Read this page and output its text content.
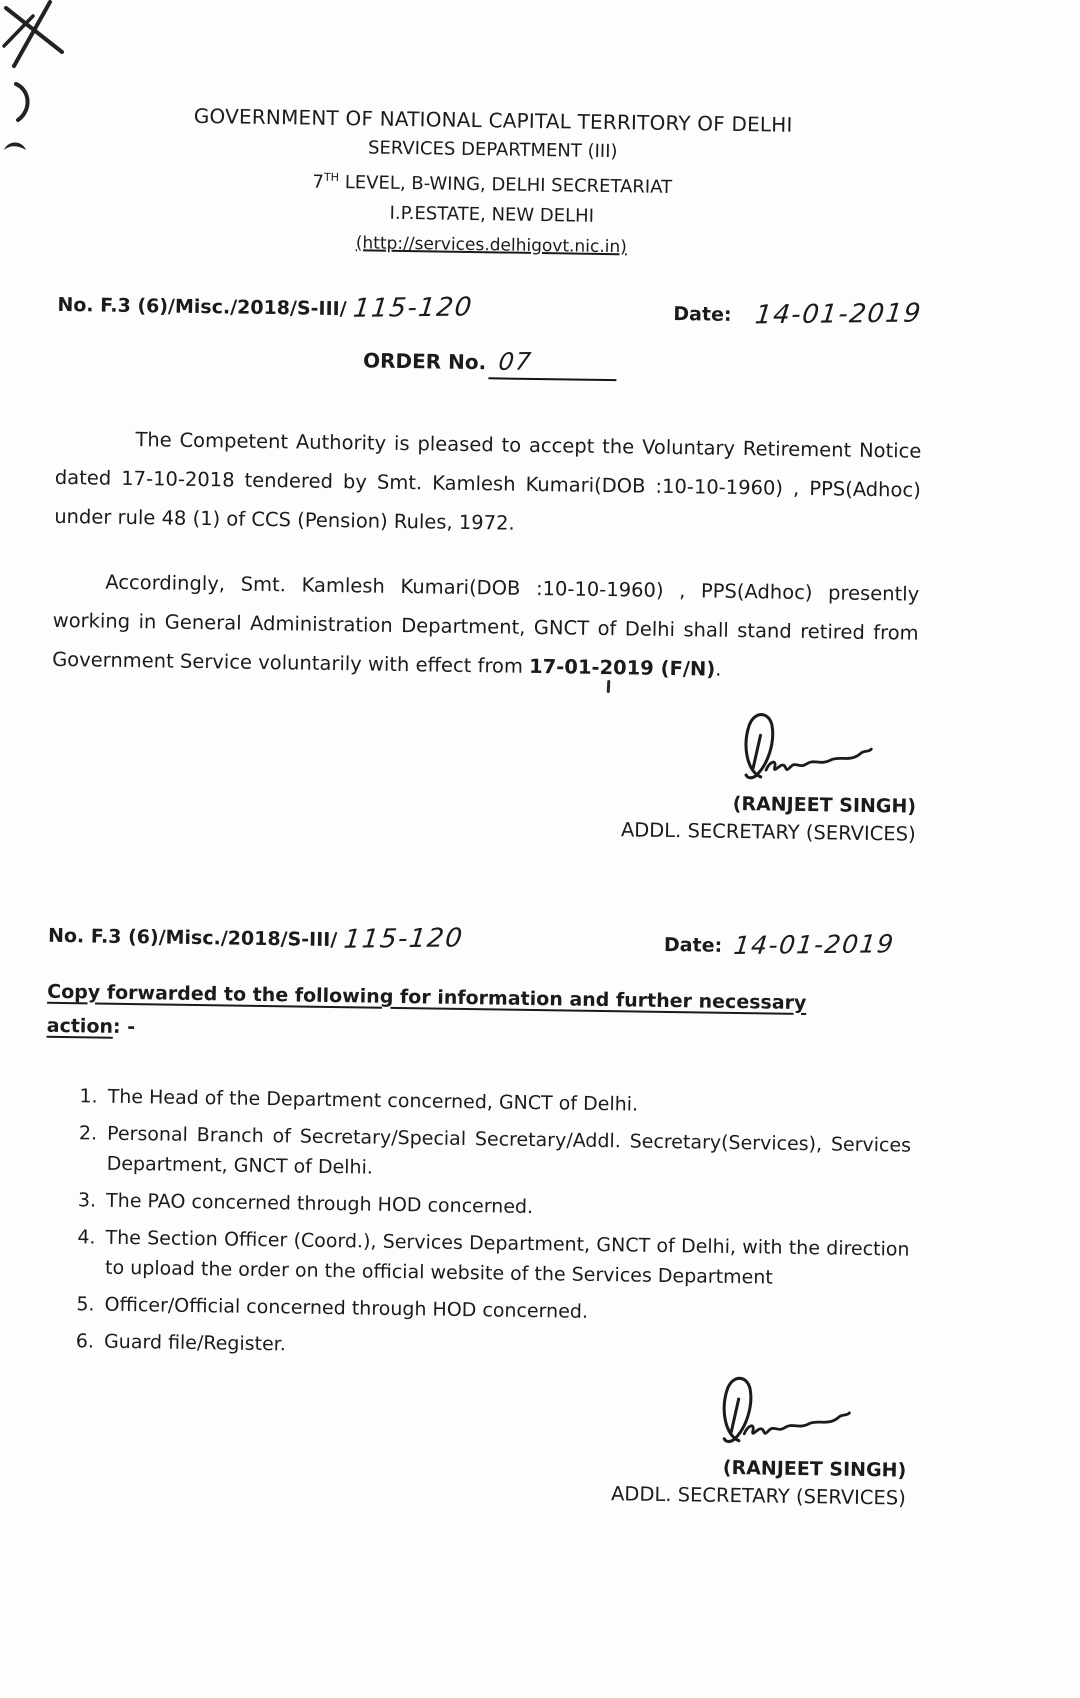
GOVERNMENT OF NATIONAL CAPITAL TERRITORY OF DELHI
SERVICES DEPARTMENT (III)
7TH LEVEL, B-WING, DELHI SECRETARIAT
I.P.ESTATE, NEW DELHI
(http://services.delhigovt.nic.in)
No. F.3 (6)/Misc./2018/S-III/ 115-120	Date: 14-01-2019
ORDER No. 07

The Competent Authority is pleased to accept the Voluntary Retirement Notice dated 17-10-2018 tendered by Smt. Kamlesh Kumari(DOB :10-10-1960) , PPS(Adhoc) under rule 48 (1) of CCS (Pension) Rules, 1972.

Accordingly, Smt. Kamlesh Kumari(DOB :10-10-1960) , PPS(Adhoc) presently working in General Administration Department, GNCT of Delhi shall stand retired from Government Service voluntarily with effect from 17-01-2019 (F/N).

(RANJEET SINGH)
ADDL. SECRETARY (SERVICES)
No. F.3 (6)/Misc./2018/S-III/ 115-120	Date: 14-01-2019
Copy forwarded to the following for information and further necessary action: -
1. The Head of the Department concerned, GNCT of Delhi.
2. Personal Branch of Secretary/Special Secretary/Addl. Secretary(Services), Services Department, GNCT of Delhi.
3. The PAO concerned through HOD concerned.
4. The Section Officer (Coord.), Services Department, GNCT of Delhi, with the direction to upload the order on the official website of the Services Department
5. Officer/Official concerned through HOD concerned.
6. Guard file/Register.
(RANJEET SINGH)
ADDL. SECRETARY (SERVICES)
